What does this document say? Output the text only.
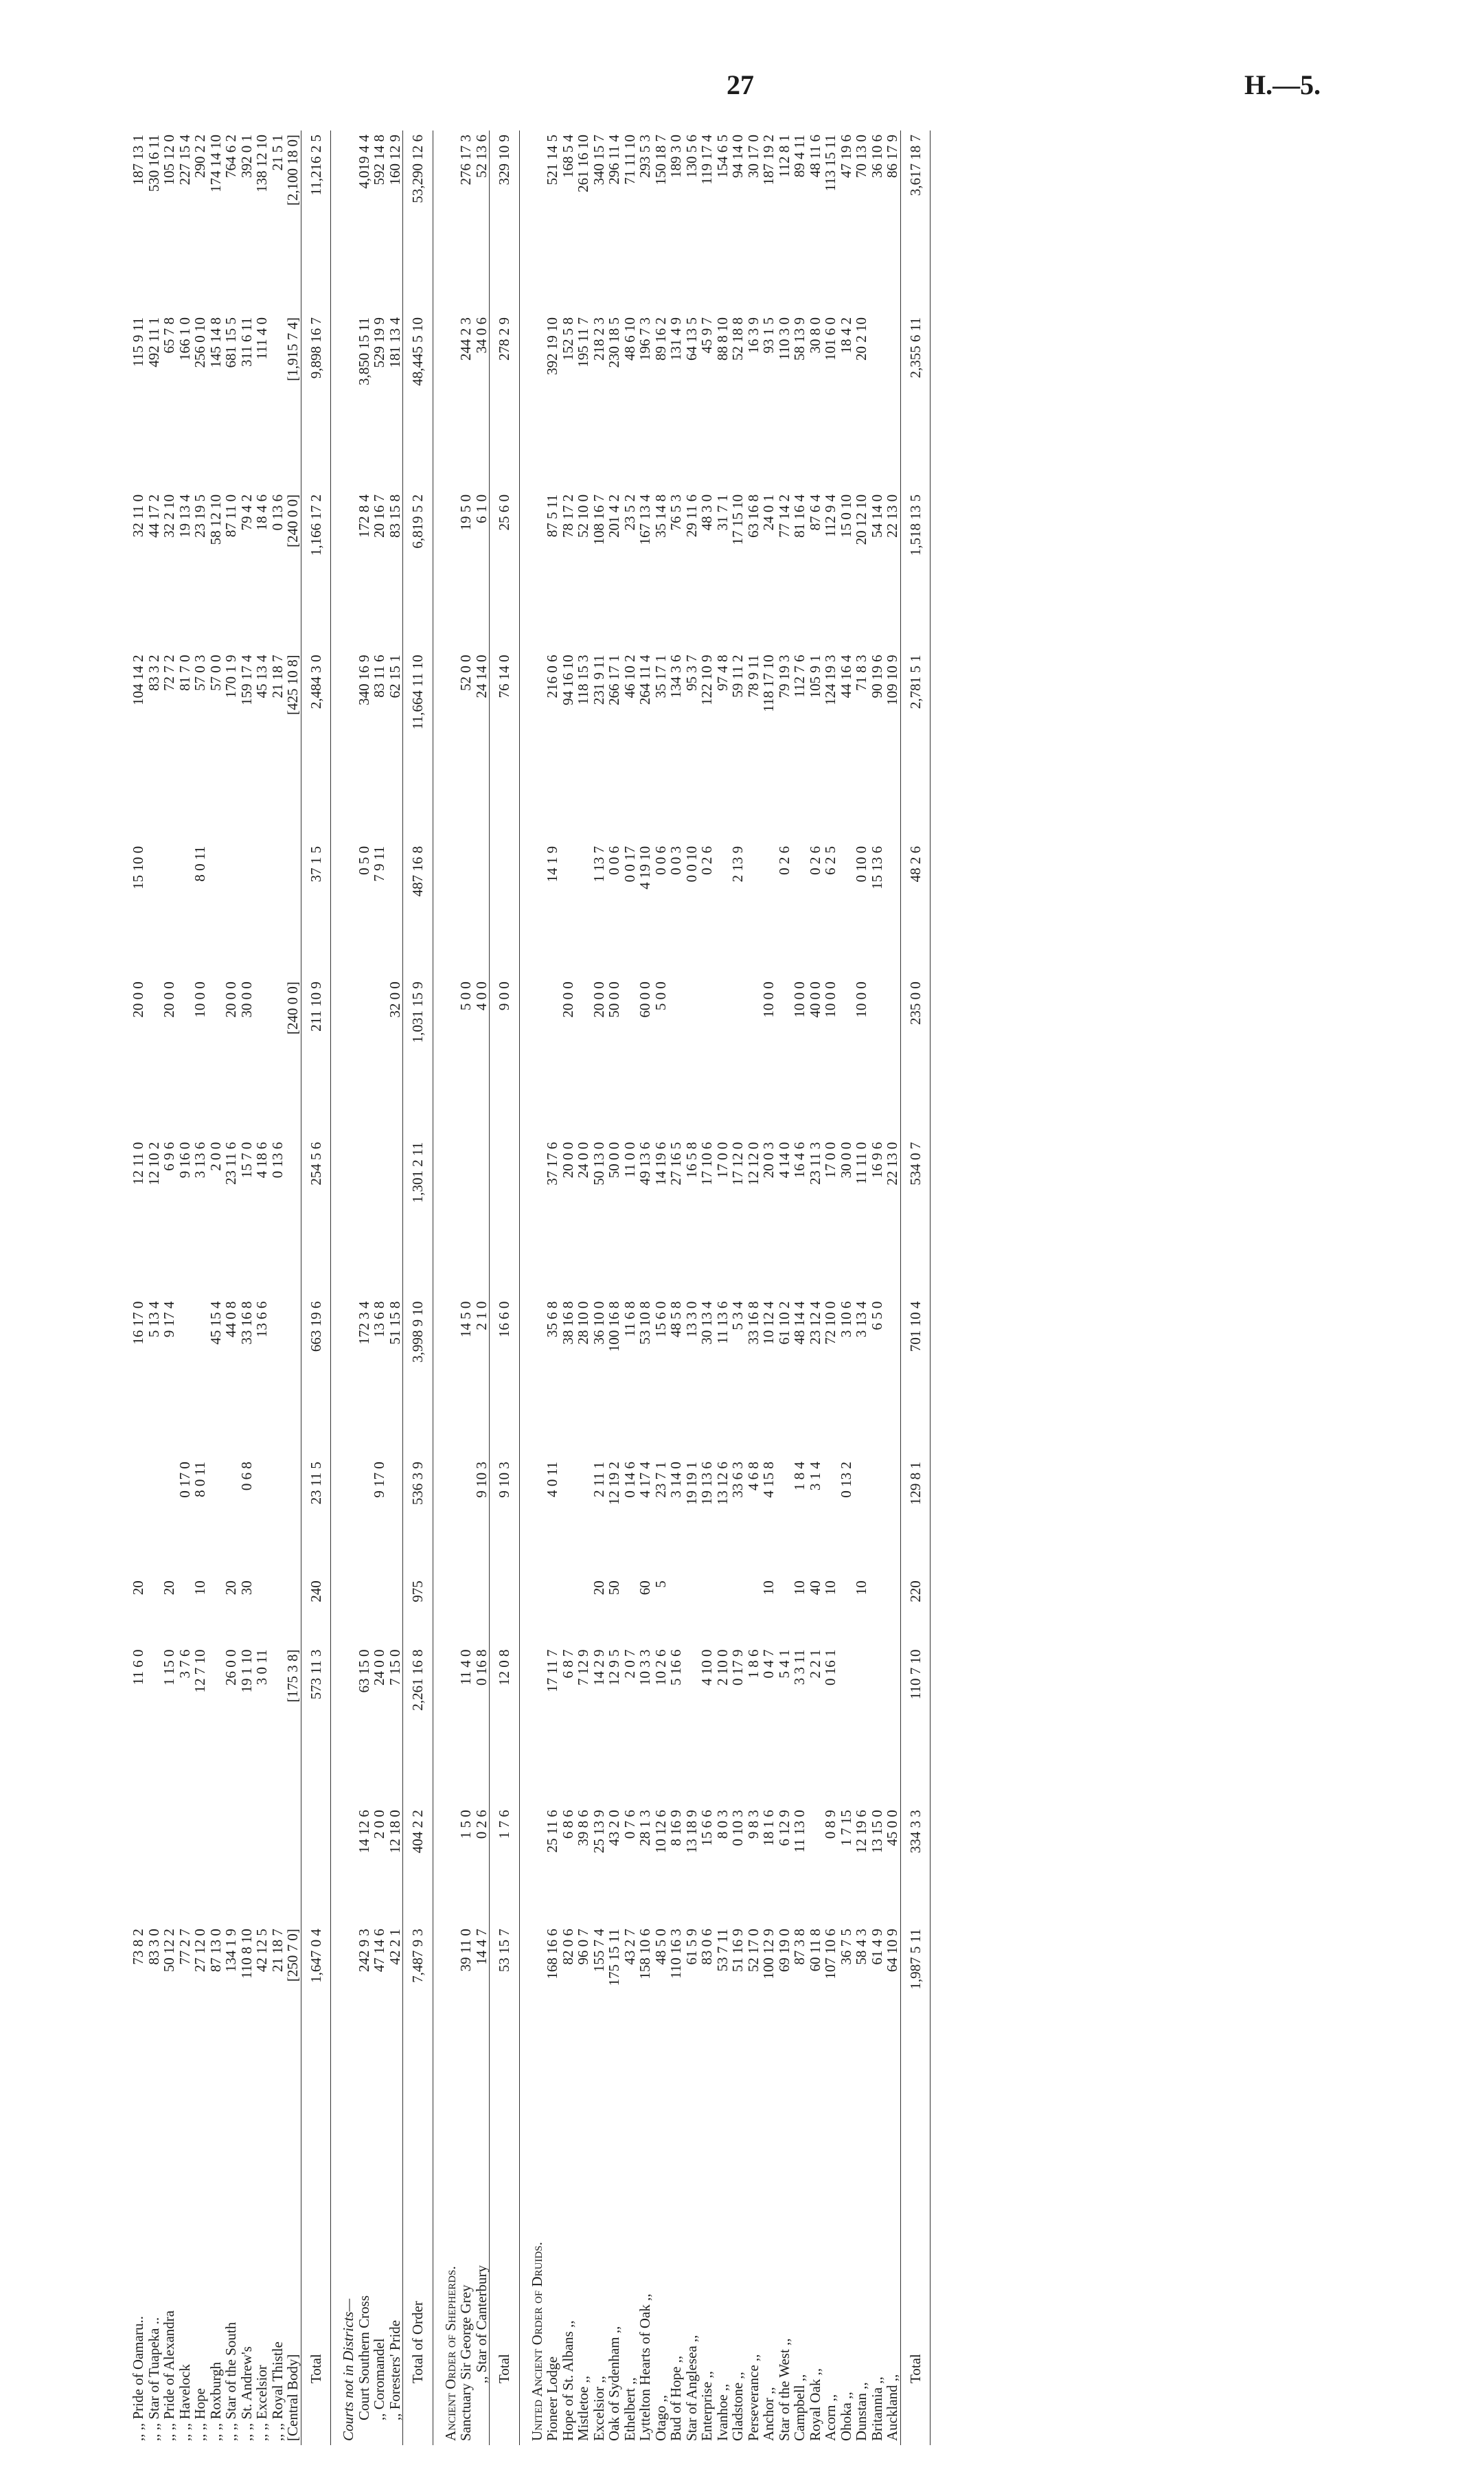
27	H.—5.
,, ,, Pride of Oamaru..	73 8 2		11 6 0	20		16 17 0	12 11 0	20 0 0	15 10 0	104 14 2	32 11 0	115 9 11	187 13 1
,, ,, Star of Tuapeka ..	83 3 0					5 13 4	12 10 2			83 3 2	44 17 2	492 11 1	530 16 11
,, ,, Pride of Alexandra	50 12 2		1 15 0	20		9 17 4	6 9 6	20 0 0		72 7 2	32 2 10	65 7 8	105 12 0
,, ,, Havelock	77 2 7		3 7 6		0 17 0		9 16 0			81 7 0	19 13 4	166 1 0	227 15 4
,, ,, Hope	27 12 0		12 7 10	10	8 0 11		3 13 6	10 0 0	8 0 11	57 0 3	23 19 5	256 0 10	290 2 2
,, ,, Roxburgh	87 13 0					45 15 4	2 0 0			57 0 0	58 12 10	145 14 8	174 14 10
,, ,, Star of the South	134 1 9		26 0 0	20		44 0 8	23 11 6	20 0 0		170 1 9	87 11 0	681 15 5	764 6 2
,, ,, St. Andrew's	110 8 10		19 1 10	30	0 6 8	33 16 8	15 7 0	30 0 0		159 17 4	79 4 2	311 6 11	392 0 1
,, ,, Excelsior	42 12 5		3 0 11			13 6 6	4 18 6			45 13 4	18 4 6	111 4 0	138 12 10
,, ,, Royal Thistle	21 18 7						0 13 6			21 18 7	0 13 6		21 5 1
[Central Body]	[250 7 0]		[175 3 8]					[240 0 0]		[425 10 8]	[240 0 0]	[1,915 7 4]	[2,100 18 0]
Total	1,647 0 4		573 11 3	240	23 11 5	663 19 6	254 5 6	211 10 9	37 1 5	2,484 3 0	1,166 17 2	9,898 16 7	11,216 2 5
Courts not in Districts—													
Court Southern Cross	242 9 3	14 12 6	63 15 0			172 3 4			0 5 0	340 16 9	172 8 4	3,850 15 11	4,019 4 4
,, Coromandel	47 14 6	2 0 0	24 0 0		9 17 0	13 6 8			7 9 11	83 11 6	20 16 7	529 19 9	592 14 8
,, Foresters' Pride	42 2 1	12 18 0	7 15 0			51 15 8		32 0 0		62 15 1	83 15 8	181 13 4	160 12 9
Total of Order	7,487 9 3	404 2 2	2,261 16 8	975	536 3 9	3,998 9 10	1,301 2 11	1,031 15 9	487 16 8	11,664 11 10	6,819 5 2	48,445 5 10	53,290 12 6
Ancient Order of Shepherds.													
Sanctuary Sir George Grey	39 11 0	1 5 0	11 4 0			14 5 0		5 0 0		52 0 0	19 5 0	244 2 3	276 17 3
,, Star of Canterbury	14 4 7	0 2 6	0 16 8		9 10 3	2 1 0		4 0 0		24 14 0	6 1 0	34 0 6	52 13 6
Total	53 15 7	1 7 6	12 0 8		9 10 3	16 6 0		9 0 0		76 14 0	25 6 0	278 2 9	329 10 9
United Ancient Order of Druids.													
Pioneer Lodge	168 16 6	25 11 6	17 11 7		4 0 11	35 6 8	37 17 6		14 1 9	216 0 6	87 5 11	392 19 10	521 14 5
Hope of St. Albans ,,	82 0 6	6 8 6	6 8 7			38 16 8	20 0 0	20 0 0		94 16 10	78 17 2	152 5 8	168 5 4
Mistletoe ,,	96 0 7	39 8 6	7 12 9			28 10 0	24 0 0			118 15 3	52 10 0	195 11 7	261 16 10
Excelsior ,,	155 7 4	25 13 9	14 2 9	20	2 11 1	36 10 0	50 13 0	20 0 0	1 13 7	231 9 11	108 16 7	218 2 3	340 15 7
Oak of Sydenham ,,	175 15 11	43 2 0	12 9 5	50	12 19 2	100 16 8	50 0 0	50 0 0	0 0 6	266 17 1	201 4 2	230 18 5	296 11 4
Ethelbert ,,	43 2 7	0 7 6	2 0 7		0 14 6	11 6 8	11 0 0		0 0 17	46 10 2	23 5 2	48 6 10	71 11 10
Lyttelton Hearts of Oak ,,	158 10 6	28 1 3	10 3 3	60	4 17 4	53 10 8	49 13 6	60 0 0	4 19 10	264 11 4	167 13 4	196 7 3	293 5 3
Otago ,,	48 5 0	10 12 6	10 2 6	5	23 7 1	15 6 0	14 19 6	5 0 0	0 0 6	35 17 1	35 14 8	89 16 2	150 18 7
Bud of Hope ,,	110 16 3	8 16 9	5 16 6		3 14 0	48 5 8	27 16 5		0 0 3	134 3 6	76 5 3	131 4 9	189 3 0
Star of Anglesea ,,	61 5 9	13 18 9			19 19 1	13 3 0	16 5 8		0 0 10	95 3 7	29 11 6	64 13 5	130 5 6
Enterprise ,,	83 0 6	15 6 6	4 10 0		19 13 6	30 13 4	17 10 6		0 2 6	122 10 9	48 3 0	45 9 7	119 17 4
Ivanhoe ,,	53 7 11	8 0 3	2 10 0		13 12 6	11 13 6	17 0 0			97 4 8	31 7 1	88 8 10	154 6 5
Gladstone ,,	51 16 9	0 10 3	0 17 9		33 6 3	5 3 4	17 12 0		2 13 9	59 11 2	17 15 10	52 18 8	94 14 0
Perseverance ,,	52 17 0	9 8 3	1 8 6		4 6 8	33 16 8	12 12 0			78 9 11	63 16 8	16 3 9	30 17 0
Anchor ,,	100 12 9	18 1 6	0 4 7	10	4 15 8	10 12 4	20 0 3	10 0 0		118 17 10	24 0 1	93 1 5	187 19 2
Star of the West ,,	69 19 0	6 12 9	5 4 1			61 10 2	4 14 0		0 2 6	79 19 3	77 14 2	110 3 0	112 8 1
Campbell ,,	87 3 8	11 13 0	3 3 11	10	1 8 4	48 14 4	16 4 6	10 0 0		112 7 6	81 16 4	58 13 9	89 4 11
Royal Oak ,,	60 11 8		2 2 1	40	3 1 4	23 12 4	23 11 3	40 0 0	0 2 6	105 9 1	87 6 4	30 8 0	48 11 6
Acorn ,,	107 10 6	0 8 9	0 16 1	10		72 10 0	17 0 0	10 0 0	6 2 5	124 19 3	112 9 4	101 6 0	113 15 11
Ohoka ,,	36 7 5	1 7 15			0 13 2	3 10 6	30 0 0			44 16 4	15 0 10	18 4 2	47 19 6
Dunstan ,,	58 4 3	12 19 6		10		3 13 4	11 11 0	10 0 0	0 10 0	71 8 3	20 12 10	20 2 10	70 13 0
Britannia ,,	61 4 9	13 15 0				6 5 0	16 9 6		15 13 6	90 19 6	54 14 0		36 10 6
Auckland ,,	64 10 9	45 0 0					22 13 0			109 10 9	22 13 0		86 17 9
Total	1,987 5 11	334 3 3	110 7 10	220	129 8 1	701 10 4	534 0 7	235 0 0	48 2 6	2,781 5 1	1,518 13 5	2,355 6 11	3,617 18 7
